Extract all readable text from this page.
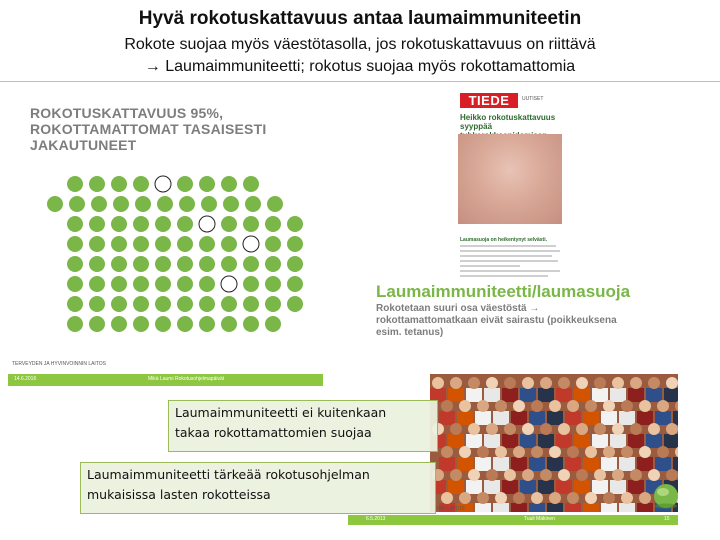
Hyvä rokotuskattavuus antaa laumaimmuniteetin
Rokote suojaa myös väestötasolla, jos rokotuskattavuus on riittävä
→ Laumaimmuniteetti; rokotus suojaa myös rokottamattomia
ROKOTUSKATTAVUUS 95%,
ROKOTTAMATTOMAT TASAISESTI
JAKAUTUNEET
TERVEYDEN JA HYVINVOINNIN LAITOS
14.6.2016	Mikä Laumi Rokotusohjelmapäivät
TIEDE	UUTISET
Heikko rokotuskattavuus syyppää
Laumasuoja on heikentynyt selvästi.
Laumaimmuniteetti/laumasuoja
Rokotetaan suuri osa väestöstä →
rokottamattomatkaan eivät sairastu (poikkeuksena
esim. tetanus)
NIN LAITOS
6.5.2013	Tuuli Mäkinen	15
Laumaimmuniteetti ei kuitenkaan
takaa rokottamattomien suojaa
Laumaimmuniteetti tärkeää rokotusohjelman
mukaisissa lasten rokotteissa
